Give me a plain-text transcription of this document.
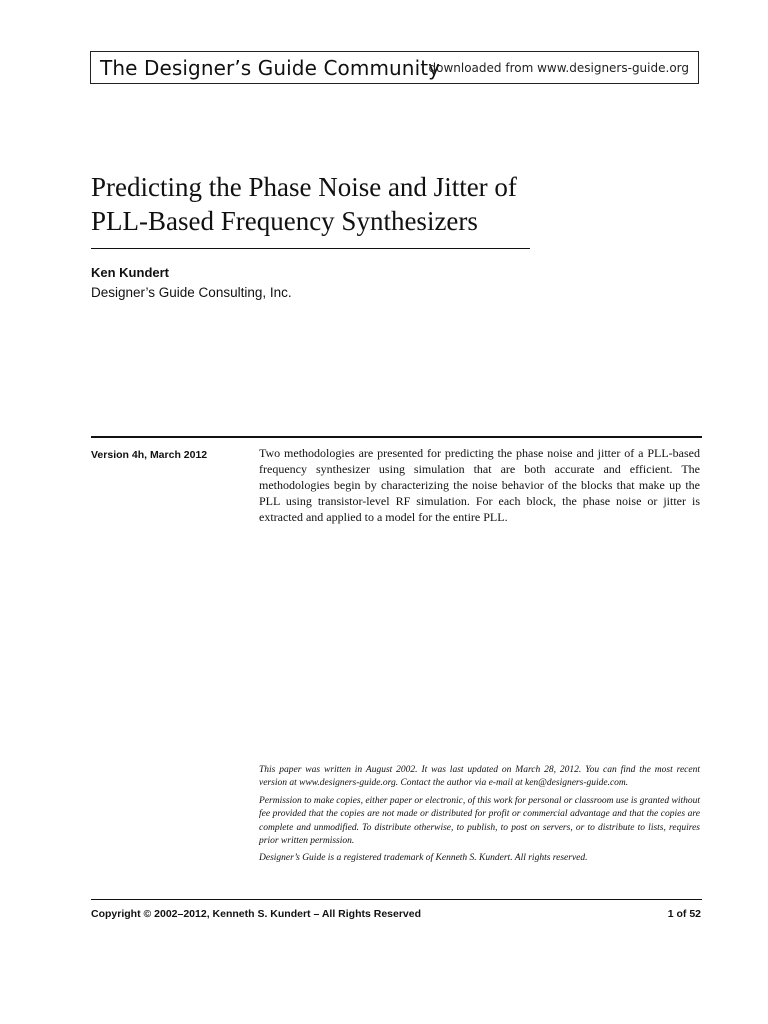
The Designer’s Guide Community
downloaded from www.designers-guide.org
Predicting the Phase Noise and Jitter of PLL-Based Frequency Synthesizers
Ken Kundert
Designer’s Guide Consulting, Inc.
Version 4h, March 2012	Two methodologies are presented for predicting the phase noise and jitter of a PLL-based frequency synthesizer using simulation that are both accurate and efficient. The methodologies begin by characterizing the noise behavior of the blocks that make up the PLL using transistor-level RF simulation. For each block, the phase noise or jitter is extracted and applied to a model for the entire PLL.

This paper was written in August 2002. It was last updated on March 28, 2012. You can find the most recent version at www.designers-guide.org. Contact the author via e-mail at ken@designers-guide.com.

Permission to make copies, either paper or electronic, of this work for personal or classroom use is granted without fee provided that the copies are not made or distributed for profit or commercial advantage and that the copies are complete and unmodified. To distribute otherwise, to publish, to post on servers, or to distribute to lists, requires prior written permission.

Designer’s Guide is a registered trademark of Kenneth S. Kundert. All rights reserved.

Copyright © 2002–2012, Kenneth S. Kundert – All Rights Reserved	1 of 52
